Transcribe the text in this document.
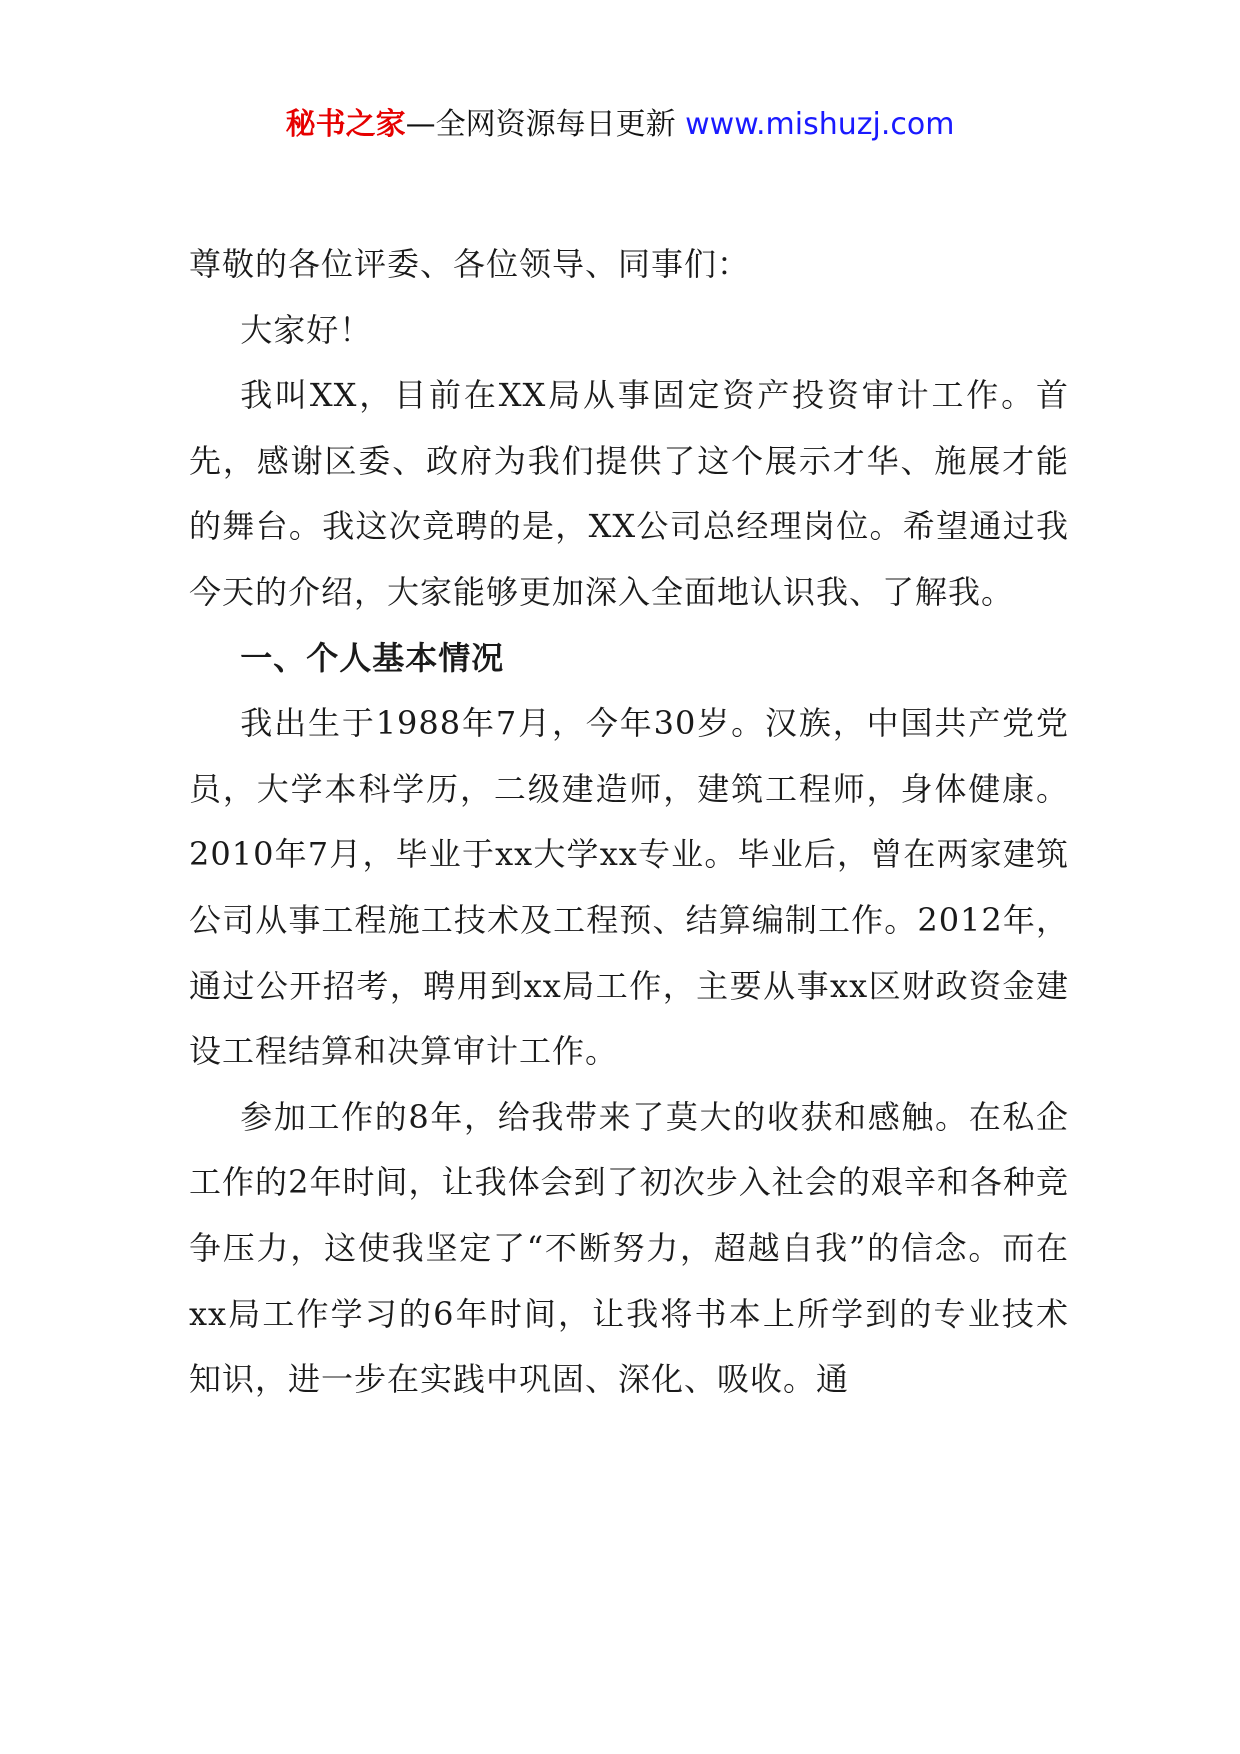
秘书之家—全网资源每日更新 www.mishuzj.com

尊敬的各位评委、各位领导、同事们：

大家好！

我叫XX，目前在XX局从事固定资产投资审计工作。首先，感谢区委、政府为我们提供了这个展示才华、施展才能的舞台。我这次竞聘的是，XX公司总经理岗位。希望通过我今天的介绍，大家能够更加深入全面地认识我、了解我。

一、个人基本情况

我出生于1988年7月，今年30岁。汉族，中国共产党党员，大学本科学历，二级建造师，建筑工程师，身体健康。2010年7月，毕业于xx大学xx专业。毕业后，曾在两家建筑公司从事工程施工技术及工程预、结算编制工作。2012年，通过公开招考，聘用到xx局工作，主要从事xx区财政资金建设工程结算和决算审计工作。

参加工作的8年，给我带来了莫大的收获和感触。在私企工作的2年时间，让我体会到了初次步入社会的艰辛和各种竞争压力，这使我坚定了“不断努力，超越自我”的信念。而在xx局工作学习的6年时间，让我将书本上所学到的专业技术知识，进一步在实践中巩固、深化、吸收。通
